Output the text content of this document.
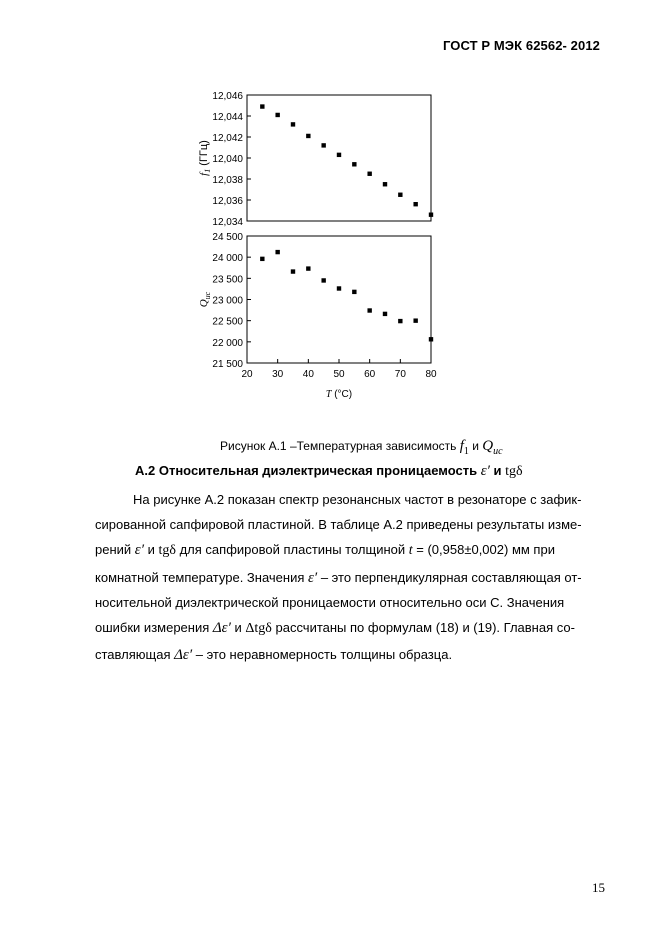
ГОСТ Р МЭК 62562- 2012
12,046
12,044
12,042
12,040
12,038
12,036
12,034
$f_1$ (ГГц)
24 500
24 000
23 500
23 000
22 500
22 000
21 500
20 30 40 50 60 70 80
$Q_{uc}$
T (°C)
Рисунок А.1 –Температурная зависимость $f_1$ и $Q_{uc}$
А.2 Относительная диэлектрическая проницаемость ε′ и tgδ
На рисунке А.2 показан спектр резонансных частот в резонаторе с зафик-
сированной сапфировой пластиной. В таблице А.2 приведены результаты изме-
рений ε′ и tgδ для сапфировой пластины толщиной t = (0,958±0,002) мм при
комнатной температуре. Значения ε′ – это перпендикулярная составляющая от-
носительной диэлектрической проницаемости относительно оси С. Значения
ошибки измерения Δε′ и Δtgδ рассчитаны по формулам (18) и (19). Главная со-
ставляющая Δε′ – это неравномерность толщины образца.
15
